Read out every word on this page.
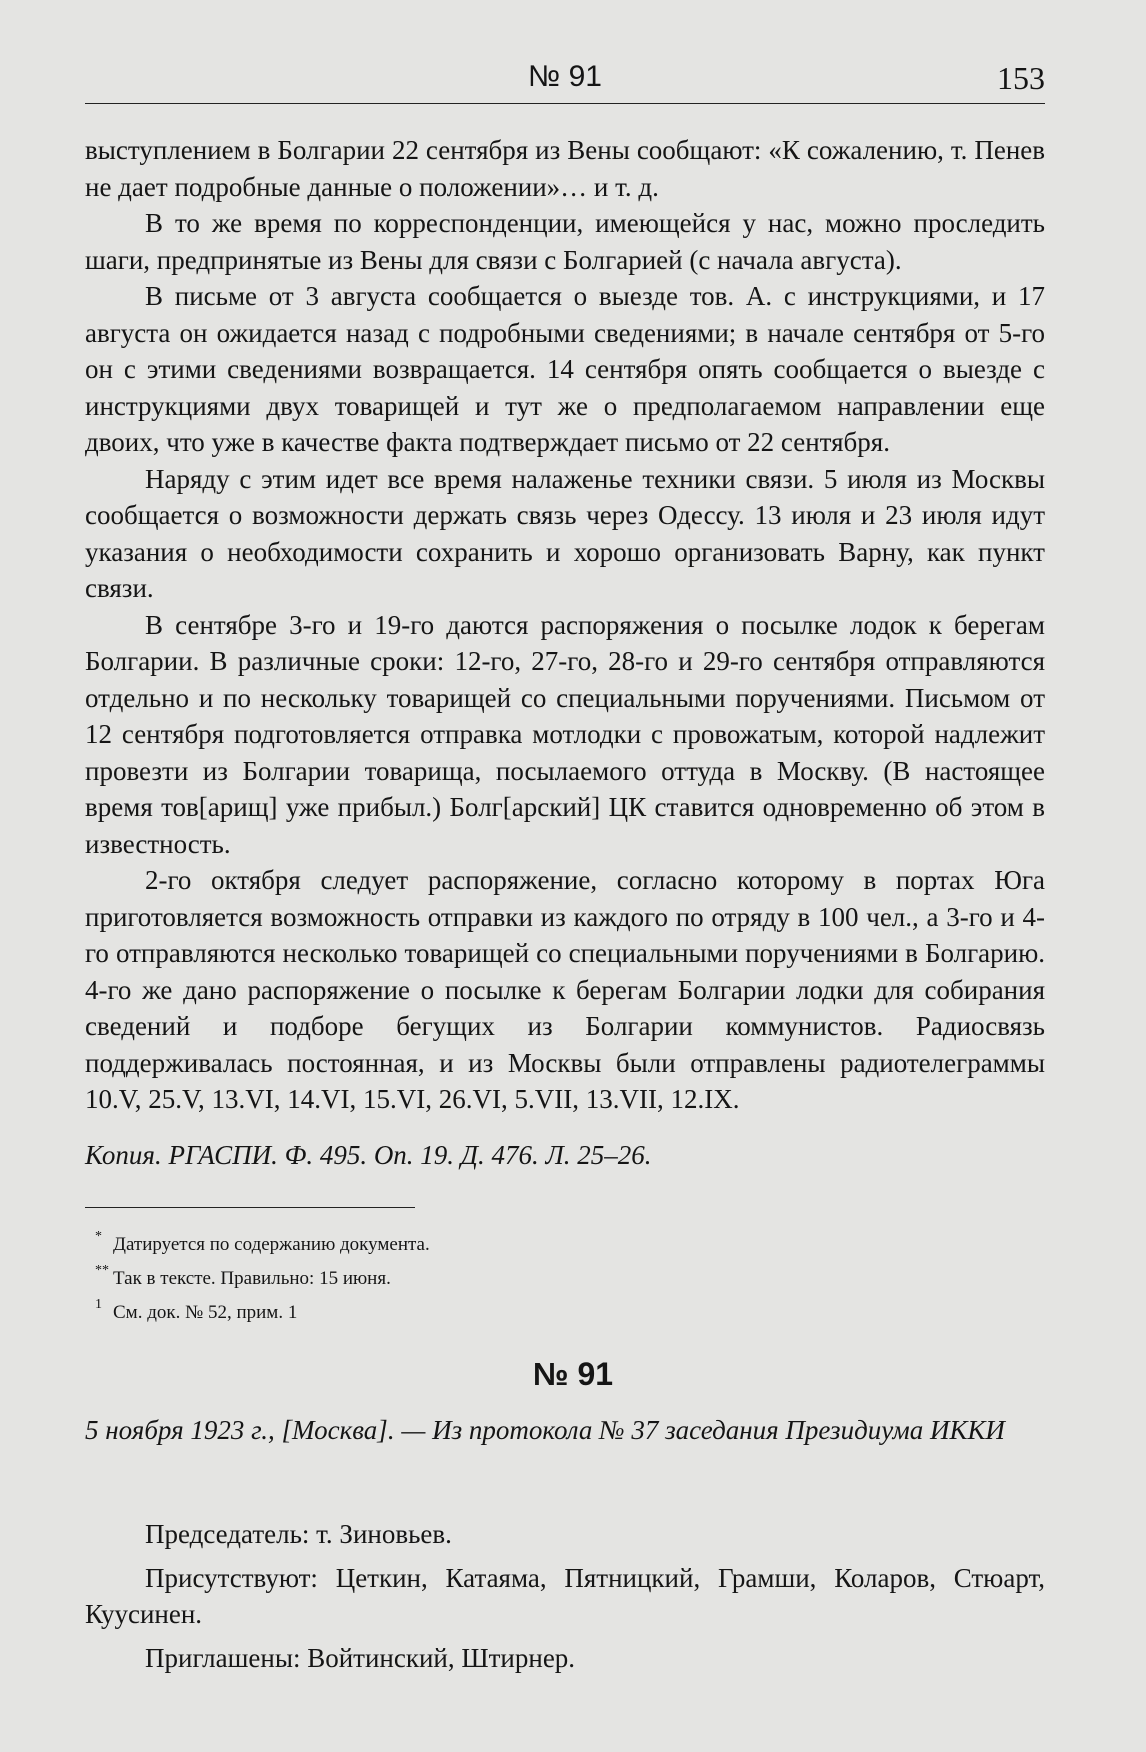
№ 91	153

выступлением в Болгарии 22 сентября из Вены сообщают: «К сожалению, т. Пенев не дает подробные данные о положении»… и т. д.

В то же время по корреспонденции, имеющейся у нас, можно проследить шаги, предпринятые из Вены для связи с Болгарией (с начала августа).

В письме от 3 августа сообщается о выезде тов. А. с инструкциями, и 17 августа он ожидается назад с подробными сведениями; в начале сентября от 5-го он с этими сведениями возвращается. 14 сентября опять сообщается о выезде с инструкциями двух товарищей и тут же о предполагаемом направлении еще двоих, что уже в качестве факта подтверждает письмо от 22 сентября.

Наряду с этим идет все время налаженье техники связи. 5 июля из Москвы сообщается о возможности держать связь через Одессу. 13 июля и 23 июля идут указания о необходимости сохранить и хорошо организовать Варну, как пункт связи.

В сентябре 3-го и 19-го даются распоряжения о посылке лодок к берегам Болгарии. В различные сроки: 12-го, 27-го, 28-го и 29-го сентября отправляются отдельно и по нескольку товарищей со специальными поручениями. Письмом от 12 сентября подготовляется отправка мотлодки с провожатым, которой надлежит провезти из Болгарии товарища, посылаемого оттуда в Москву. (В настоящее время тов[арищ] уже прибыл.) Болг[арский] ЦК ставится одновременно об этом в известность.

2-го октября следует распоряжение, согласно которому в портах Юга приготовляется возможность отправки из каждого по отряду в 100 чел., а 3-го и 4-го отправляются несколько товарищей со специальными поручениями в Болгарию. 4-го же дано распоряжение о посылке к берегам Болгарии лодки для собирания сведений и подборе бегущих из Болгарии коммунистов. Радиосвязь поддерживалась постоянная, и из Москвы были отправлены радиотелеграммы 10.V, 25.V, 13.VI, 14.VI, 15.VI, 26.VI, 5.VII, 13.VII, 12.IX.

Копия. РГАСПИ. Ф. 495. Оп. 19. Д. 476. Л. 25–26.
* Датируется по содержанию документа.
** Так в тексте. Правильно: 15 июня.
1 См. док. № 52, прим. 1
№ 91
5 ноября 1923 г., [Москва]. — Из протокола № 37 заседания Президиума ИККИ

Председатель: т. Зиновьев.

Присутствуют: Цеткин, Катаяма, Пятницкий, Грамши, Коларов, Стюарт, Куусинен.

Приглашены: Войтинский, Штирнер.
